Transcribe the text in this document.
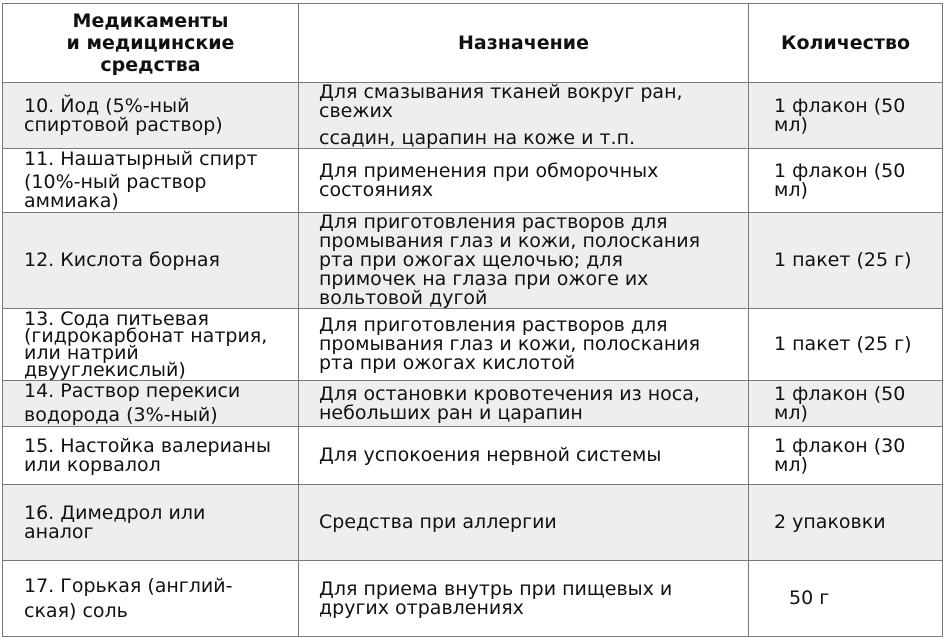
Медикаменты
и медицинские
средства	Назначение	Количество

10. Йод (5%-ный
спиртовой раствор)	Для смазывания тканей вокруг ран,
свежих
ссадин, царапин на коже и т.п.	1 флакон (50
мл)

11. Нашатырный спирт
(10%-ный раствор
аммиака)	Для применения при обморочных
состояниях	1 флакон (50
мл)

12. Кислота борная	Для приготовления растворов для
промывания глаз и кожи, полоскания
рта при ожогах щелочью; для
примочек на глаза при ожоге их
вольтовой дугой	1 пакет (25 г)

13. Сода питьевая
(гидрокарбонат натрия,
или натрий
двууглекислый)	Для приготовления растворов для
промывания глаз и кожи, полоскания
рта при ожогах кислотой	1 пакет (25 г)

14. Раствор перекиси
водорода (3%-ный)	Для остановки кровотечения из носа,
небольших ран и царапин	1 флакон (50
мл)

15. Настойка валерианы
или корвалол	Для успокоения нервной системы	1 флакон (30
мл)

16. Димедрол или
аналог	Средства при аллергии	2 упаковки

17. Горькая (англий-
ская) соль	Для приема внутрь при пищевых и
других отравлениях	50 г
